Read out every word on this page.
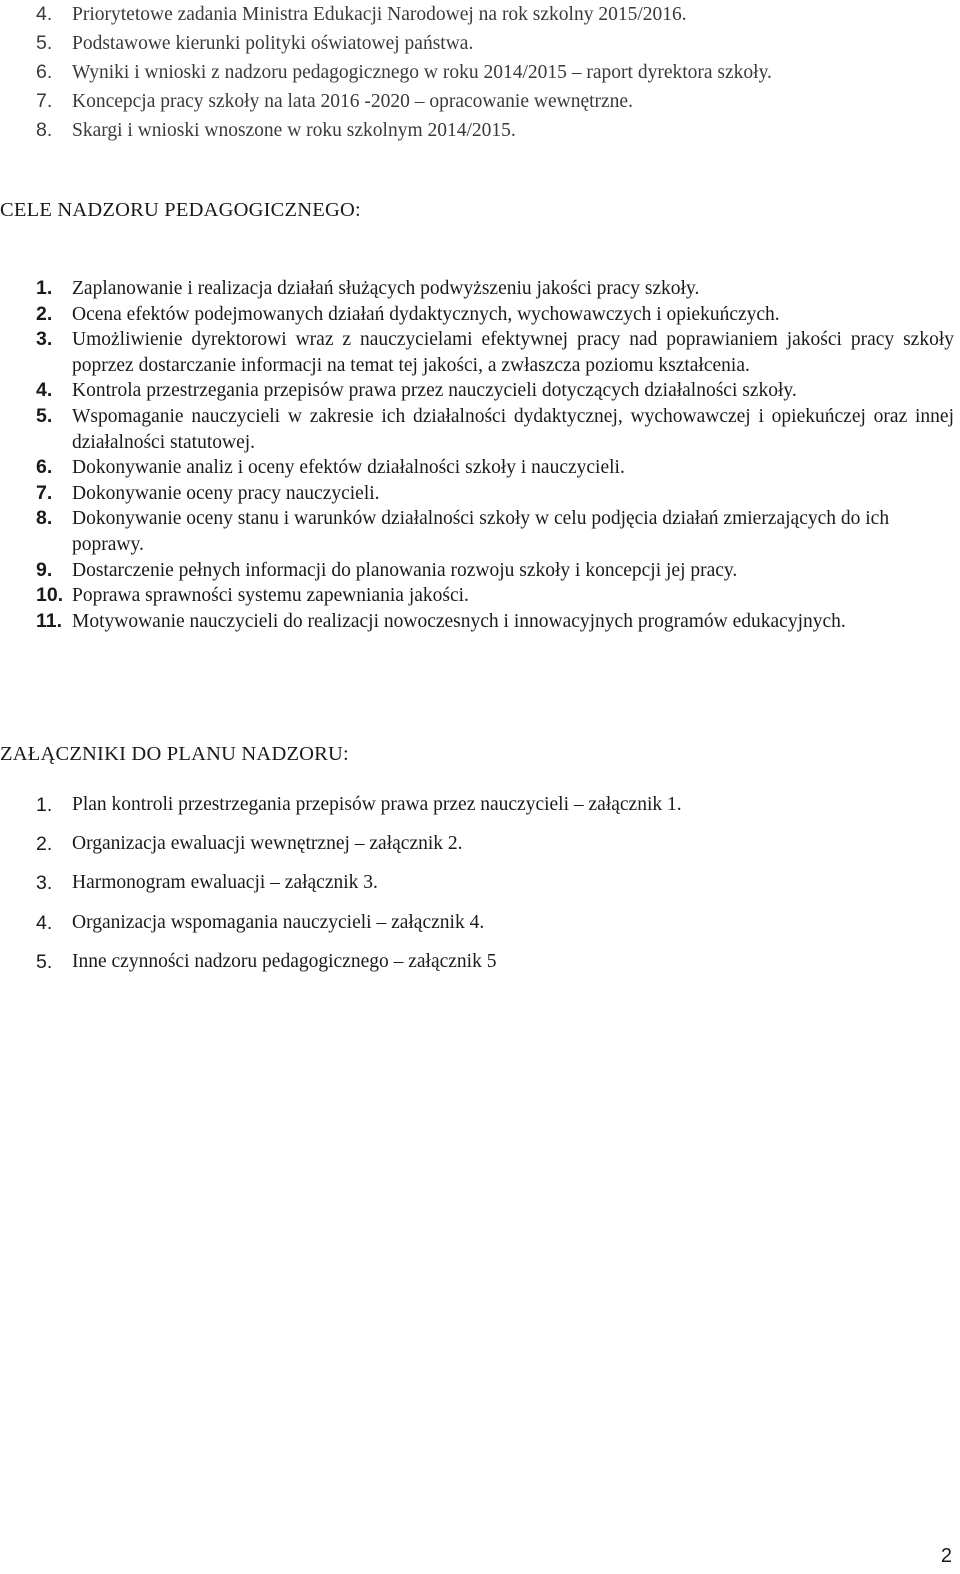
4.	Priorytetowe zadania Ministra Edukacji Narodowej na rok szkolny 2015/2016.
5.	Podstawowe kierunki polityki oświatowej państwa.
6.	Wyniki i wnioski z nadzoru pedagogicznego w roku 2014/2015 – raport dyrektora szkoły.
7.	Koncepcja pracy szkoły na lata 2016 -2020 – opracowanie wewnętrzne.
8.	Skargi i wnioski wnoszone w roku szkolnym 2014/2015.
CELE NADZORU PEDAGOGICZNEGO:
1.	Zaplanowanie i realizacja działań służących podwyższeniu jakości pracy szkoły.
2.	Ocena efektów podejmowanych działań dydaktycznych, wychowawczych i opiekuńczych.
3.	Umożliwienie dyrektorowi wraz z nauczycielami efektywnej pracy nad poprawianiem jakości pracy szkoły poprzez dostarczanie informacji na temat tej jakości, a zwłaszcza poziomu kształcenia.
4.	Kontrola przestrzegania przepisów prawa przez nauczycieli dotyczących działalności szkoły.
5.	Wspomaganie nauczycieli w zakresie ich działalności dydaktycznej, wychowawczej i opiekuńczej oraz innej działalności statutowej.
6.	Dokonywanie analiz i oceny efektów działalności szkoły i nauczycieli.
7.	Dokonywanie oceny pracy nauczycieli.
8.	Dokonywanie oceny stanu i warunków działalności szkoły w celu podjęcia działań zmierzających do ich poprawy.
9.	Dostarczenie pełnych informacji do planowania rozwoju szkoły i koncepcji jej pracy.
10. Poprawa sprawności systemu zapewniania jakości.
11. Motywowanie nauczycieli do realizacji nowoczesnych i innowacyjnych programów edukacyjnych.
ZAŁĄCZNIKI DO PLANU NADZORU:
1.	Plan kontroli przestrzegania przepisów prawa przez nauczycieli – załącznik 1.
2.	Organizacja ewaluacji wewnętrznej – załącznik 2.
3.	Harmonogram ewaluacji – załącznik 3.
4.	Organizacja wspomagania nauczycieli – załącznik 4.
5.	Inne czynności nadzoru pedagogicznego – załącznik 5
2
